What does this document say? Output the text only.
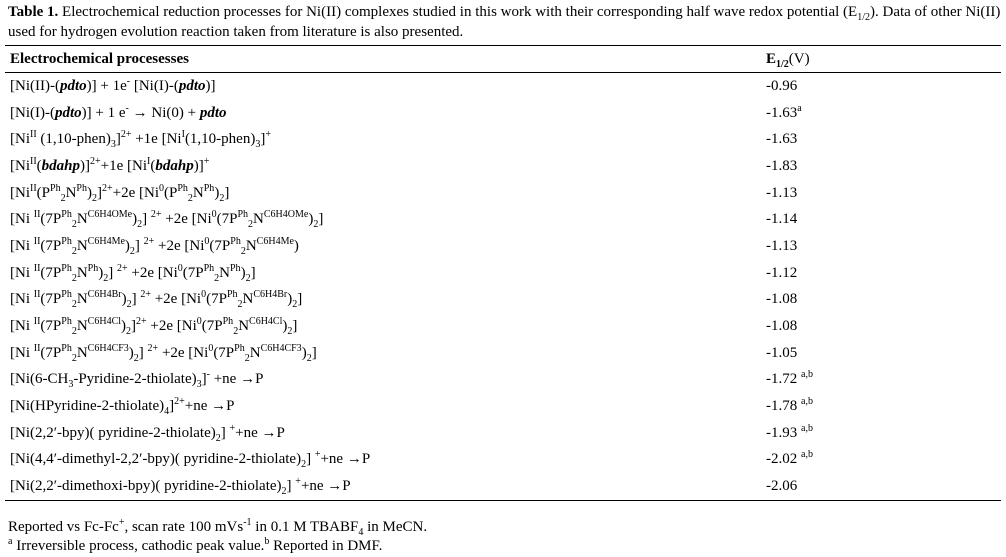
Table 1. Electrochemical reduction processes for Ni(II) complexes studied in this work with their corresponding half wave redox potential $(E_{1/2})$. Data of other Ni(II) used for hydrogen evolution reaction taken from literature is also presented.
Electrochemical procesesses	$E_{1/2}(V)$
[Ni(II)-(pdto)] + 1e- [Ni(I)-(pdto)]	-0.96
[Ni(I)-(pdto)] + 1 e- → Ni(0) + pdto	-1.63$^a$
[$Ni^{II}$ $(1,10-phen)_3]^{2+} +1e$ $[Ni^I(1,10-phen)_3]^+$	-1.63
$[Ni^{II}(bdahp)]^{2+}+1e$ $[Ni^I(bdahp)]^+$	-1.83
$[Ni^{II}(P^{Ph}_2N^{Ph})_2]^{2+}+2e$ $[Ni^0(P^{Ph}_2N^{Ph})_2]$	-1.13
[Ni $^{II}(7P^{Ph}_2N^{C6H4OMe})_2$] $^{2+}$ +2e $[Ni^0(7P^{Ph}_2N^{C6H4OMe})_2]$	-1.14
[Ni $^{II}(7P^{Ph}_2N^{C6H4Me})_2$] $^{2+}$ +2e [$Ni^0(7P^{Ph}_2N^{C6H4Me})$	-1.13
[Ni $^{II}(7P^{Ph}_2N^{Ph})_2$] $^{2+}$ +2e $[Ni^0(7P^{Ph}_2N^{Ph})_2]$	-1.12
[Ni $^{II}(7P^{Ph}_2N^{C6H4Br})_2$] $^{2+}$ +2e $[Ni^0(7P^{Ph}_2N^{C6H4Br})_2]$	-1.08
[Ni $^{II}(7P^{Ph}_2N^{C6H4Cl})_2]^{2+} +2e$ $[Ni^0(7P^{Ph}_2N^{C6H4Cl})_2]$	-1.08
[Ni $^{II}(7P^{Ph}_2N^{C6H4CF3})_2$] $^{2+}$ +2e $[Ni^0(7P^{Ph}_2N^{C6H4CF3})_2]$	-1.05
$[Ni(6-CH_3-Pyridine-2-thiolate)_3]^- +ne \to P$	-1.72 $^{a,b}$
$[Ni(HPyridine-2-thiolate)_4]^{2+}+ne \to P$	-1.78 $^{a,b}$
[Ni(2,2′-bpy)( pyridine-$2-thiolate)_2$] ++ne →P	-1.93 $^{a,b}$
[Ni(4,4′-dimethyl-2,2′-bpy)( pyridine-$2-thiolate)_2$] ++ne →P	-2.02 $^{a,b}$
[Ni(2,2′-dimethoxi-bpy)( pyridine-$2-thiolate)_2$] ++ne →P	-2.06
Reported vs Fc-Fc+, scan rate 100 mVs$^{-1}$ in 0.1 M $TBABF_4$ in MeCN.
$^a$ Irreversible process, cathodic peak value.$^b$ Reported in DMF.
